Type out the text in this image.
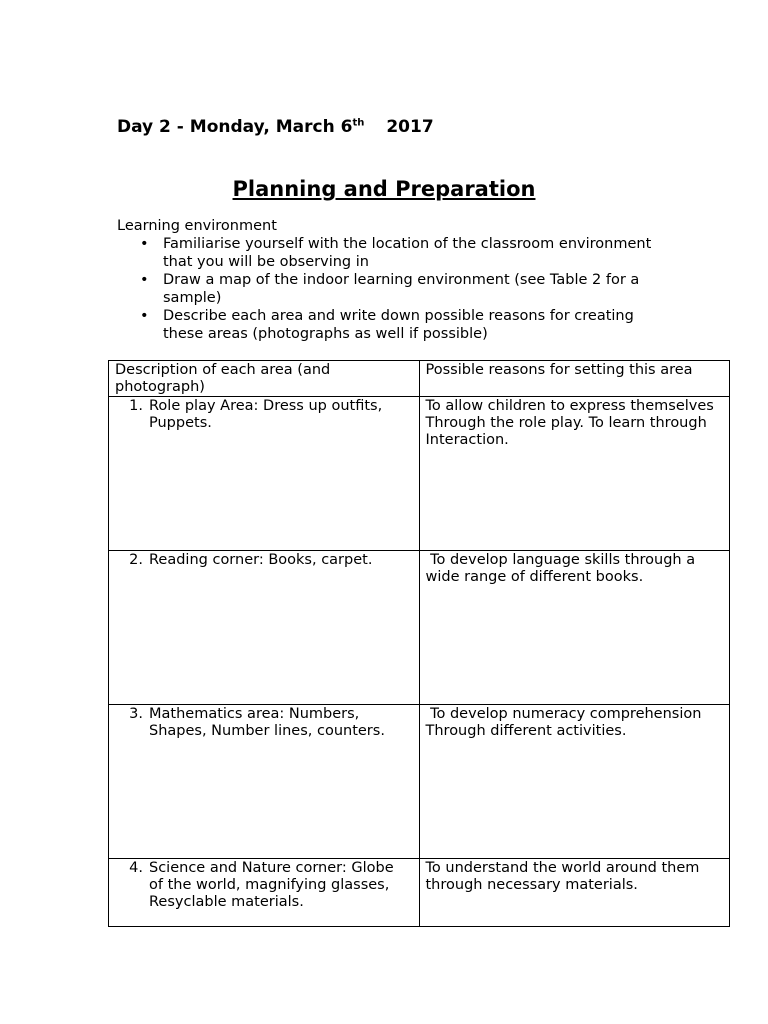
Day 2 - Monday, March 6th 2017
Planning and Preparation
Learning environment
• Familiarise yourself with the location of the classroom environment that you will be observing in
• Draw a map of the indoor learning environment (see Table 2 for a sample)
• Describe each area and write down possible reasons for creating these areas (photographs as well if possible)
Description of each area (and photograph)	Possible reasons for setting this area
1. Role play Area: Dress up outfits, Puppets.	To allow children to express themselves
Through the role play. To learn through
Interaction.
2. Reading corner: Books, carpet.	To develop language skills through a wide range of different books.
3. Mathematics area: Numbers, Shapes, Number lines, counters.	To develop numeracy comprehension
Through different activities.
4. Science and Nature corner: Globe of the world, magnifying glasses, Resyclable materials.	To understand the world around them through necessary materials.
